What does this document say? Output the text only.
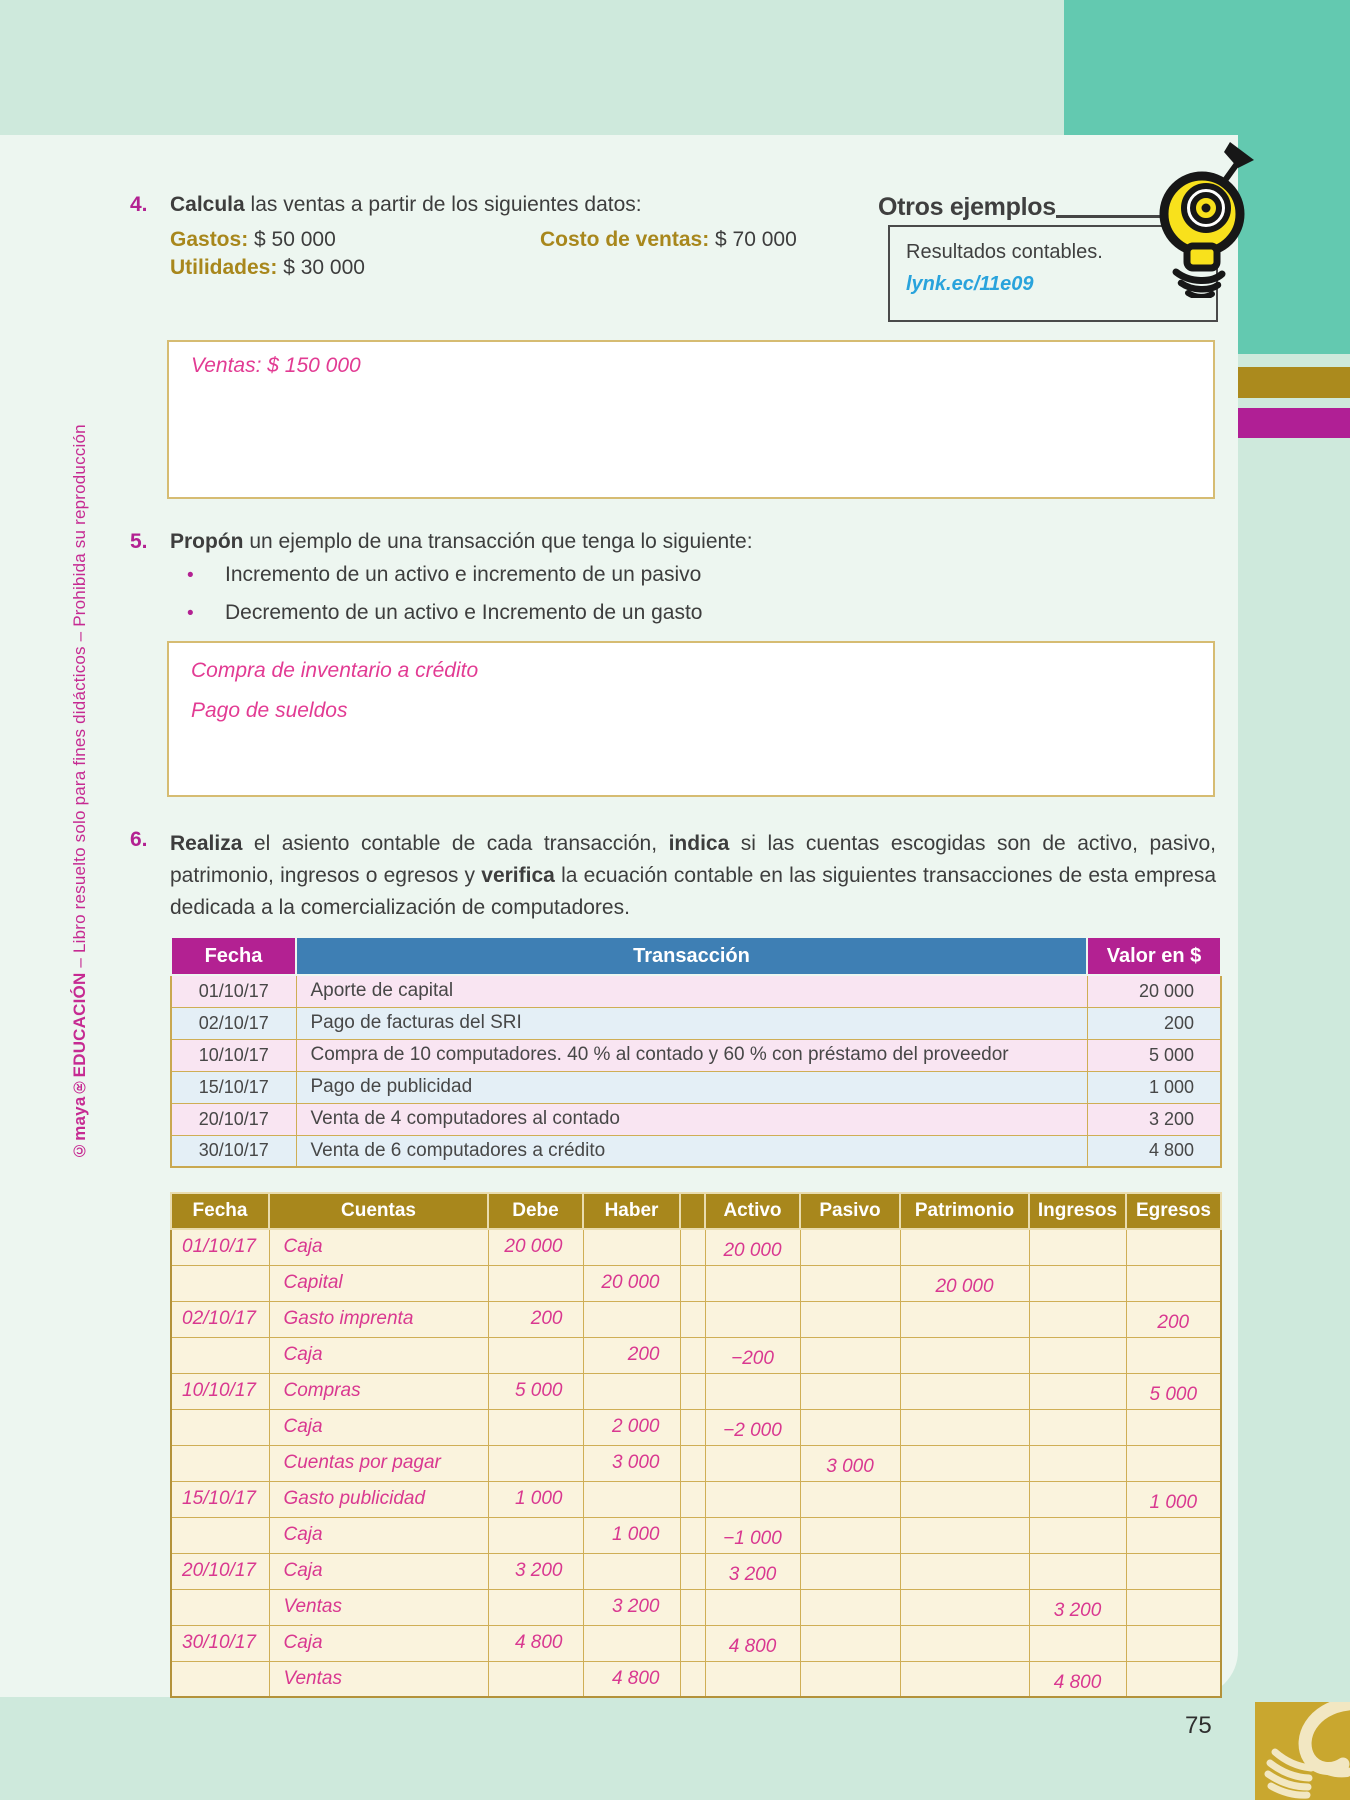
4. Calcula las ventas a partir de los siguientes datos:
Gastos: $ 50 000	Costo de ventas: $ 70 000
Utilidades: $ 30 000
Otros ejemplos
Resultados contables.
lynk.ec/11e09
Ventas: $ 150 000
5. Propón un ejemplo de una transacción que tenga lo siguiente:
• Incremento de un activo e incremento de un pasivo
• Decremento de un activo e Incremento de un gasto
Compra de inventario a crédito
Pago de sueldos
6. Realiza el asiento contable de cada transacción, indica si las cuentas escogidas son de activo, pasivo, patrimonio, ingresos o egresos y verifica la ecuación contable en las siguientes transacciones de esta empresa dedicada a la comercialización de computadores.
Fecha	Transacción	Valor en $
01/10/17	Aporte de capital	20 000
02/10/17	Pago de facturas del SRI	200
10/10/17	Compra de 10 computadores. 40 % al contado y 60 % con préstamo del proveedor	5 000
15/10/17	Pago de publicidad	1 000
20/10/17	Venta de 4 computadores al contado	3 200
30/10/17	Venta de 6 computadores a crédito	4 800
Fecha	Cuentas	Debe	Haber		Activo	Pasivo	Patrimonio	Ingresos	Egresos
01/10/17	Caja	20 000			20 000				
	Capital		20 000				20 000		
02/10/17	Gasto imprenta	200							200
	Caja		200		−200				
10/10/17	Compras	5 000							5 000
	Caja		2 000		−2 000				
	Cuentas por pagar		3 000			3 000			
15/10/17	Gasto publicidad	1 000							1 000
	Caja		1 000		−1 000				
20/10/17	Caja	3 200			3 200				
	Ventas		3 200					3 200	
30/10/17	Caja	4 800			4 800				
	Ventas		4 800					4 800	
©maya®EDUCACIÓN – Libro resuelto solo para fines didácticos – Prohibida su reproducción
75
